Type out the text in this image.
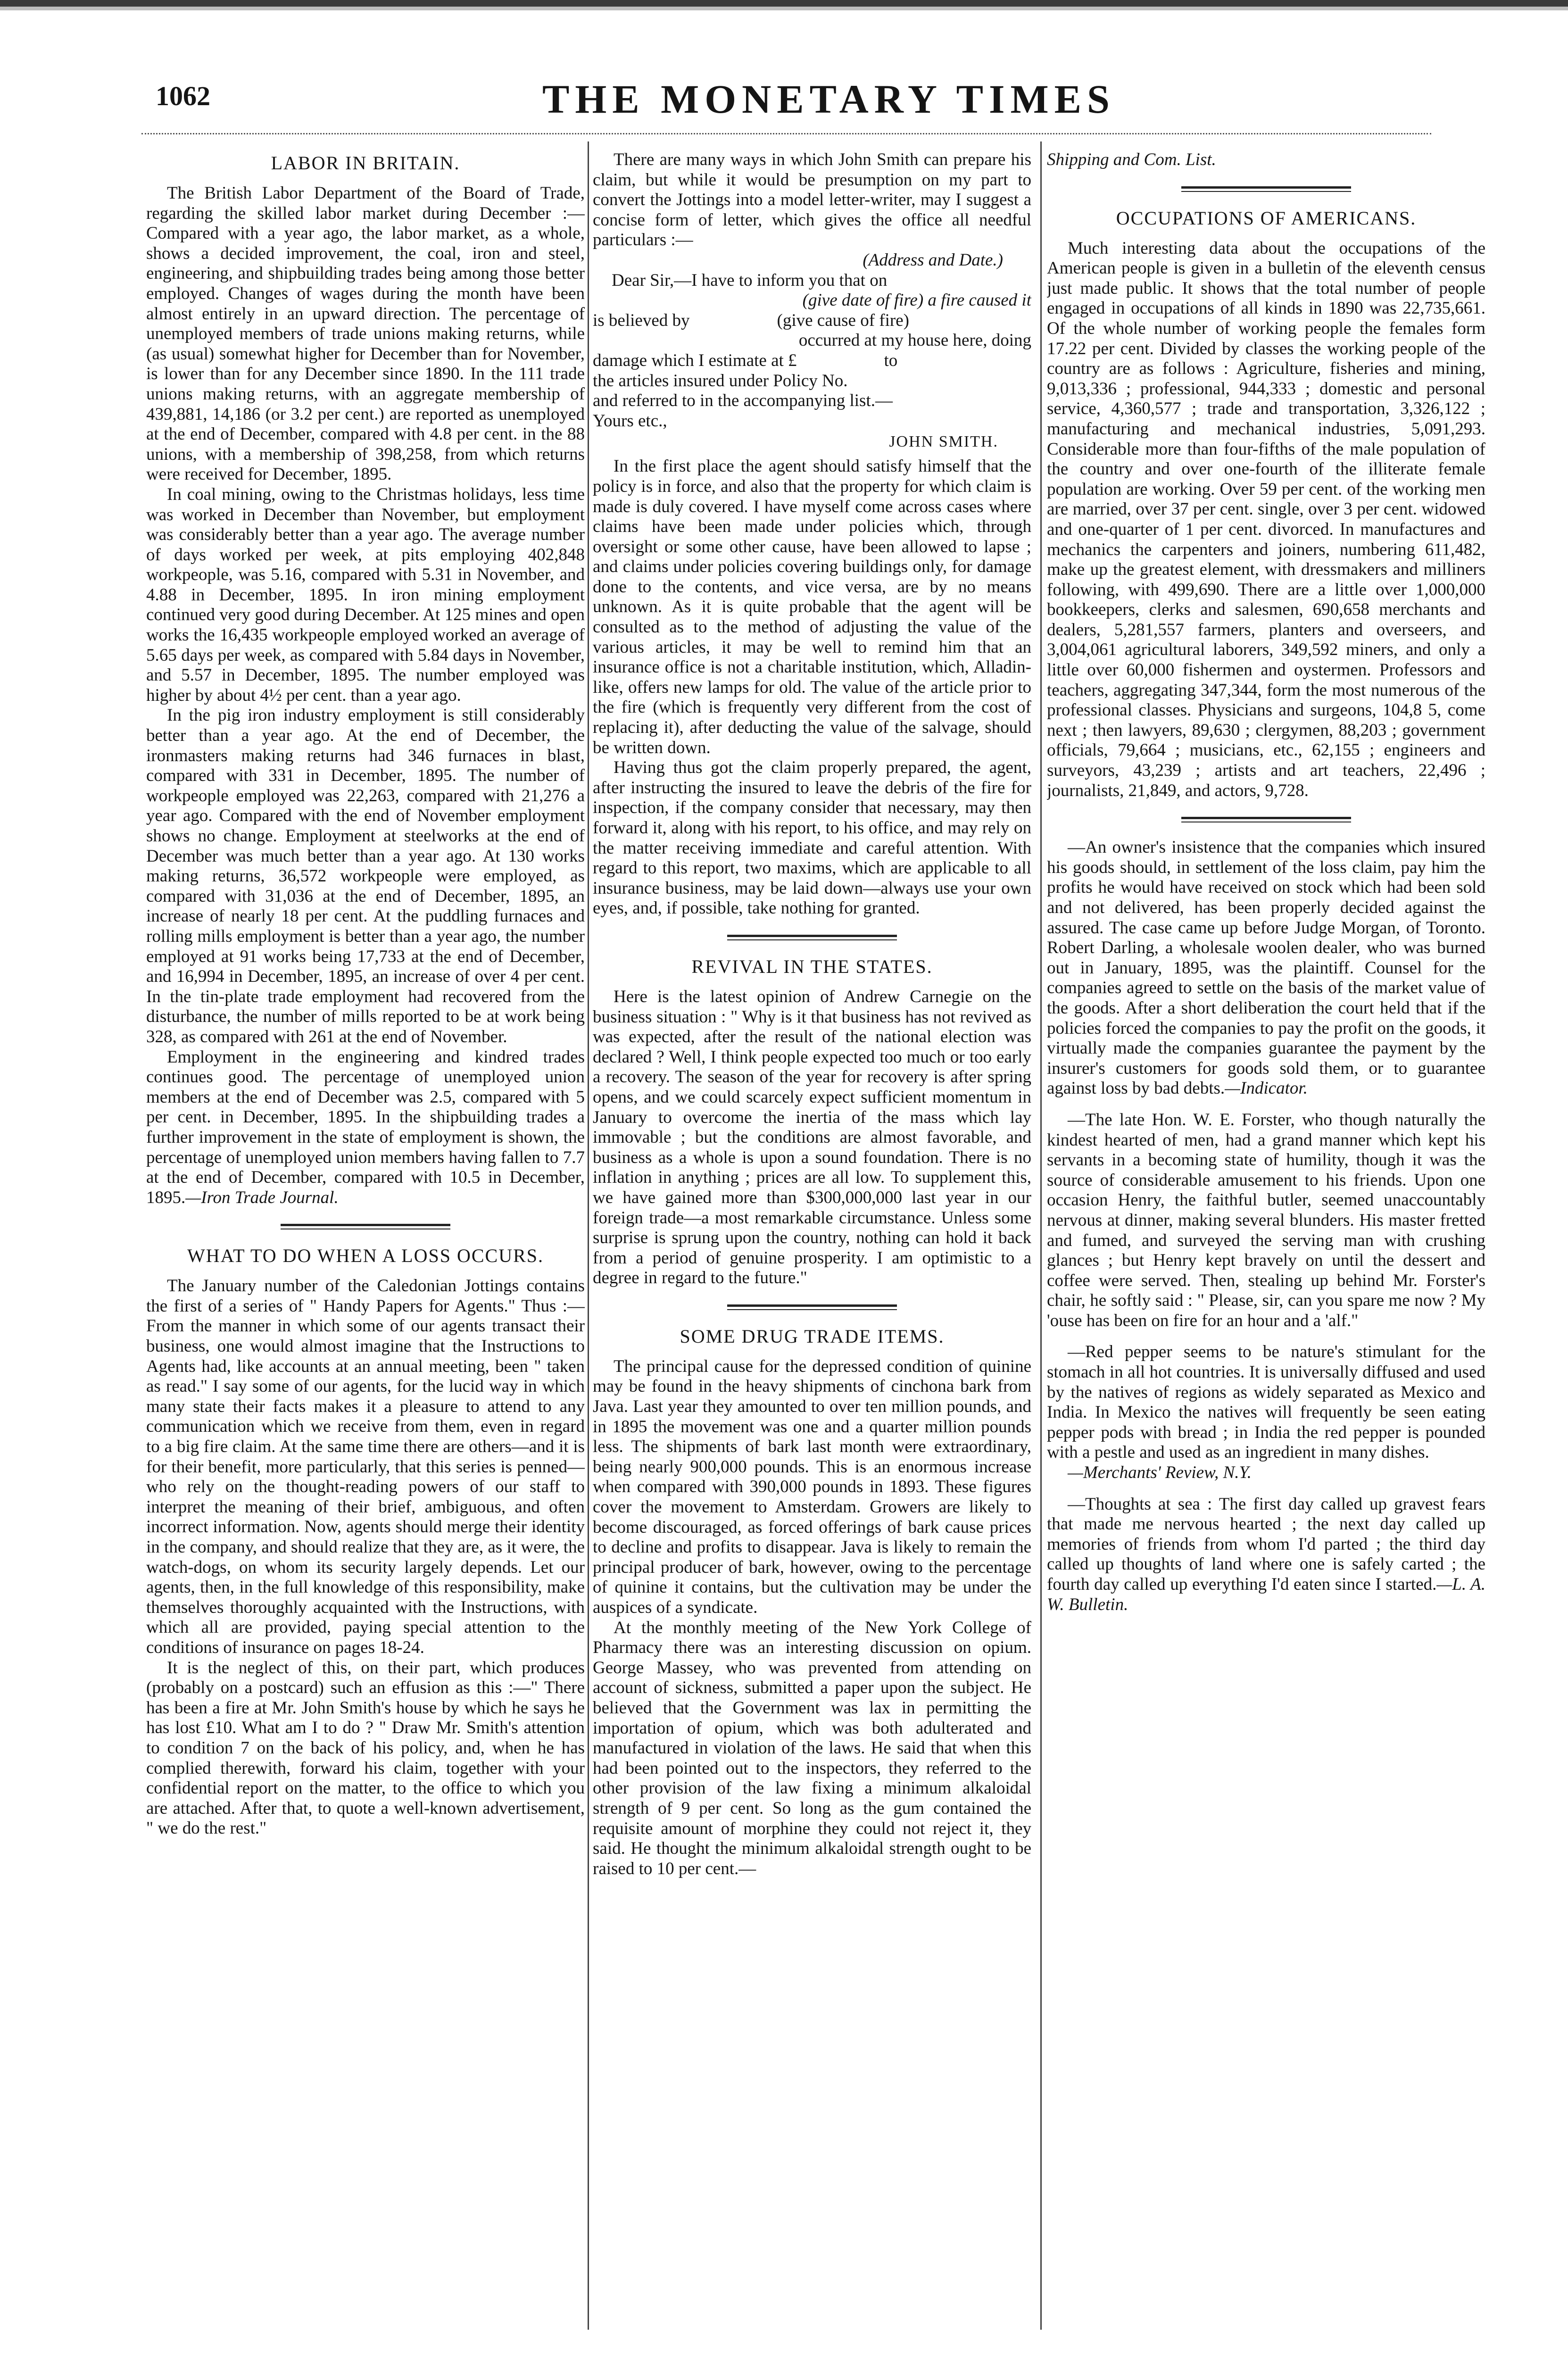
1062	THE MONETARY TIMES
LABOR IN BRITAIN.

The British Labor Department of the Board of Trade, regarding the skilled labor market during December :—Compared with a year ago, the labor market, as a whole, shows a decided improvement, the coal, iron and steel, engineering, and shipbuilding trades being among those better employed. Changes of wages during the month have been almost entirely in an upward direction. The percentage of unemployed members of trade unions making returns, while (as usual) somewhat higher for December than for November, is lower than for any December since 1890. In the 111 trade unions making returns, with an aggregate membership of 439,881, 14,186 (or 3.2 per cent.) are reported as unemployed at the end of December, compared with 4.8 per cent. in the 88 unions, with a membership of 398,258, from which returns were received for December, 1895.

In coal mining, owing to the Christmas holidays, less time was worked in December than November, but employment was considerably better than a year ago. The average number of days worked per week, at pits employing 402,848 workpeople, was 5.16, compared with 5.31 in November, and 4.88 in December, 1895. In iron mining employment continued very good during December. At 125 mines and open works the 16,435 workpeople employed worked an average of 5.65 days per week, as compared with 5.84 days in November, and 5.57 in December, 1895. The number employed was higher by about 4½ per cent. than a year ago.

In the pig iron industry employment is still considerably better than a year ago. At the end of December, the ironmasters making returns had 346 furnaces in blast, compared with 331 in December, 1895. The number of workpeople employed was 22,263, compared with 21,276 a year ago. Compared with the end of November employment shows no change. Employment at steelworks at the end of December was much better than a year ago. At 130 works making returns, 36,572 workpeople were employed, as compared with 31,036 at the end of December, 1895, an increase of nearly 18 per cent. At the puddling furnaces and rolling mills employment is better than a year ago, the number employed at 91 works being 17,733 at the end of December, and 16,994 in December, 1895, an increase of over 4 per cent. In the tin-plate trade employment had recovered from the disturbance, the number of mills reported to be at work being 328, as compared with 261 at the end of November.

Employment in the engineering and kindred trades continues good. The percentage of unemployed union members at the end of December was 2.5, compared with 5 per cent. in December, 1895. In the shipbuilding trades a further improvement in the state of employment is shown, the percentage of unemployed union members having fallen to 7.7 at the end of December, compared with 10.5 in December, 1895.—Iron Trade Journal.

WHAT TO DO WHEN A LOSS OCCURS.

The January number of the Caledonian Jottings contains the first of a series of " Handy Papers for Agents." Thus :—From the manner in which some of our agents transact their business, one would almost imagine that the Instructions to Agents had, like accounts at an annual meeting, been " taken as read." I say some of our agents, for the lucid way in which many state their facts makes it a pleasure to attend to any communication which we receive from them, even in regard to a big fire claim. At the same time there are others—and it is for their benefit, more particularly, that this series is penned—who rely on the thought-reading powers of our staff to interpret the meaning of their brief, ambiguous, and often incorrect information. Now, agents should merge their identity in the company, and should realize that they are, as it were, the watch-dogs, on whom its security largely depends. Let our agents, then, in the full knowledge of this responsibility, make themselves thoroughly acquainted with the Instructions, with which all are provided, paying special attention to the conditions of insurance on pages 18-24.

It is the neglect of this, on their part, which produces (probably on a postcard) such an effusion as this :—" There has been a fire at Mr. John Smith's house by which he says he has lost £10. What am I to do ? " Draw Mr. Smith's attention to condition 7 on the back of his policy, and, when he has complied therewith, forward his claim, together with your confidential report on the matter, to the office to which you are attached. After that, to quote a well-known advertisement, " we do the rest."

There are many ways in which John Smith can prepare his claim, but while it would be presumption on my part to convert the Jottings into a model letter-writer, may I suggest a concise form of letter, which gives the office all needful particulars :—

(Address and Date.)

Dear Sir,—I have to inform you that on

(give date of fire) a fire caused it

is believed by                    (give cause of fire)

occurred at my house here, doing

damage which I estimate at £                    to

the articles insured under Policy No.

and referred to in the accompanying list.—

Yours etc.,

JOHN SMITH.

In the first place the agent should satisfy himself that the policy is in force, and also that the property for which claim is made is duly covered. I have myself come across cases where claims have been made under policies which, through oversight or some other cause, have been allowed to lapse ; and claims under policies covering buildings only, for damage done to the contents, and vice versa, are by no means unknown. As it is quite probable that the agent will be consulted as to the method of adjusting the value of the various articles, it may be well to remind him that an insurance office is not a charitable institution, which, Alladin-like, offers new lamps for old. The value of the article prior to the fire (which is frequently very different from the cost of replacing it), after deducting the value of the salvage, should be written down.

Having thus got the claim properly prepared, the agent, after instructing the insured to leave the debris of the fire for inspection, if the company consider that necessary, may then forward it, along with his report, to his office, and may rely on the matter receiving immediate and careful attention. With regard to this report, two maxims, which are applicable to all insurance business, may be laid down—always use your own eyes, and, if possible, take nothing for granted.

REVIVAL IN THE STATES.

Here is the latest opinion of Andrew Carnegie on the business situation : " Why is it that business has not revived as was expected, after the result of the national election was declared ? Well, I think people expected too much or too early a recovery. The season of the year for recovery is after spring opens, and we could scarcely expect sufficient momentum in January to overcome the inertia of the mass which lay immovable ; but the conditions are almost favorable, and business as a whole is upon a sound foundation. There is no inflation in anything ; prices are all low. To supplement this, we have gained more than $300,000,000 last year in our foreign trade—a most remarkable circumstance. Unless some surprise is sprung upon the country, nothing can hold it back from a period of genuine prosperity. I am optimistic to a degree in regard to the future."

SOME DRUG TRADE ITEMS.

The principal cause for the depressed condition of quinine may be found in the heavy shipments of cinchona bark from Java. Last year they amounted to over ten million pounds, and in 1895 the movement was one and a quarter million pounds less. The shipments of bark last month were extraordinary, being nearly 900,000 pounds. This is an enormous increase when compared with 390,000 pounds in 1893. These figures cover the movement to Amsterdam. Growers are likely to become discouraged, as forced offerings of bark cause prices to decline and profits to disappear. Java is likely to remain the principal producer of bark, however, owing to the percentage of quinine it contains, but the cultivation may be under the auspices of a syndicate.

At the monthly meeting of the New York College of Pharmacy there was an interesting discussion on opium. George Massey, who was prevented from attending on account of sickness, submitted a paper upon the subject. He believed that the Government was lax in permitting the importation of opium, which was both adulterated and manufactured in violation of the laws. He said that when this had been pointed out to the inspectors, they referred to the other provision of the law fixing a minimum alkaloidal strength of 9 per cent. So long as the gum contained the requisite amount of morphine they could not reject it, they said. He thought the minimum alkaloidal strength ought to be raised to 10 per cent.—

Shipping and Com. List.

OCCUPATIONS OF AMERICANS.

Much interesting data about the occupations of the American people is given in a bulletin of the eleventh census just made public. It shows that the total number of people engaged in occupations of all kinds in 1890 was 22,735,661. Of the whole number of working people the females form 17.22 per cent. Divided by classes the working people of the country are as follows : Agriculture, fisheries and mining, 9,013,336 ; professional, 944,333 ; domestic and personal service, 4,360,577 ; trade and transportation, 3,326,122 ; manufacturing and mechanical industries, 5,091,293. Considerable more than four-fifths of the male population of the country and over one-fourth of the illiterate female population are working. Over 59 per cent. of the working men are married, over 37 per cent. single, over 3 per cent. widowed and one-quarter of 1 per cent. divorced. In manufactures and mechanics the carpenters and joiners, numbering 611,482, make up the greatest element, with dressmakers and milliners following, with 499,690. There are a little over 1,000,000 bookkeepers, clerks and salesmen, 690,658 merchants and dealers, 5,281,557 farmers, planters and overseers, and 3,004,061 agricultural laborers, 349,592 miners, and only a little over 60,000 fishermen and oystermen. Professors and teachers, aggregating 347,344, form the most numerous of the professional classes. Physicians and surgeons, 104,8 5, come next ; then lawyers, 89,630 ; clergymen, 88,203 ; government officials, 79,664 ; musicians, etc., 62,155 ; engineers and surveyors, 43,239 ; artists and art teachers, 22,496 ; journalists, 21,849, and actors, 9,728.

—An owner's insistence that the companies which insured his goods should, in settlement of the loss claim, pay him the profits he would have received on stock which had been sold and not delivered, has been properly decided against the assured. The case came up before Judge Morgan, of Toronto. Robert Darling, a wholesale woolen dealer, who was burned out in January, 1895, was the plaintiff. Counsel for the companies agreed to settle on the basis of the market value of the goods. After a short deliberation the court held that if the policies forced the companies to pay the profit on the goods, it virtually made the companies guarantee the payment by the insurer's customers for goods sold them, or to guarantee against loss by bad debts.—Indicator.

—The late Hon. W. E. Forster, who though naturally the kindest hearted of men, had a grand manner which kept his servants in a becoming state of humility, though it was the source of considerable amusement to his friends. Upon one occasion Henry, the faithful butler, seemed unaccountably nervous at dinner, making several blunders. His master fretted and fumed, and surveyed the serving man with crushing glances ; but Henry kept bravely on until the dessert and coffee were served. Then, stealing up behind Mr. Forster's chair, he softly said : " Please, sir, can you spare me now ? My 'ouse has been on fire for an hour and a 'alf."

—Red pepper seems to be nature's stimulant for the stomach in all hot countries. It is universally diffused and used by the natives of regions as widely separated as Mexico and India. In Mexico the natives will frequently be seen eating pepper pods with bread ; in India the red pepper is pounded with a pestle and used as an ingredient in many dishes.

—Merchants' Review, N.Y.

—Thoughts at sea : The first day called up gravest fears that made me nervous hearted ; the next day called up memories of friends from whom I'd parted ; the third day called up thoughts of land where one is safely carted ; the fourth day called up everything I'd eaten since I started.—L. A. W. Bulletin.
